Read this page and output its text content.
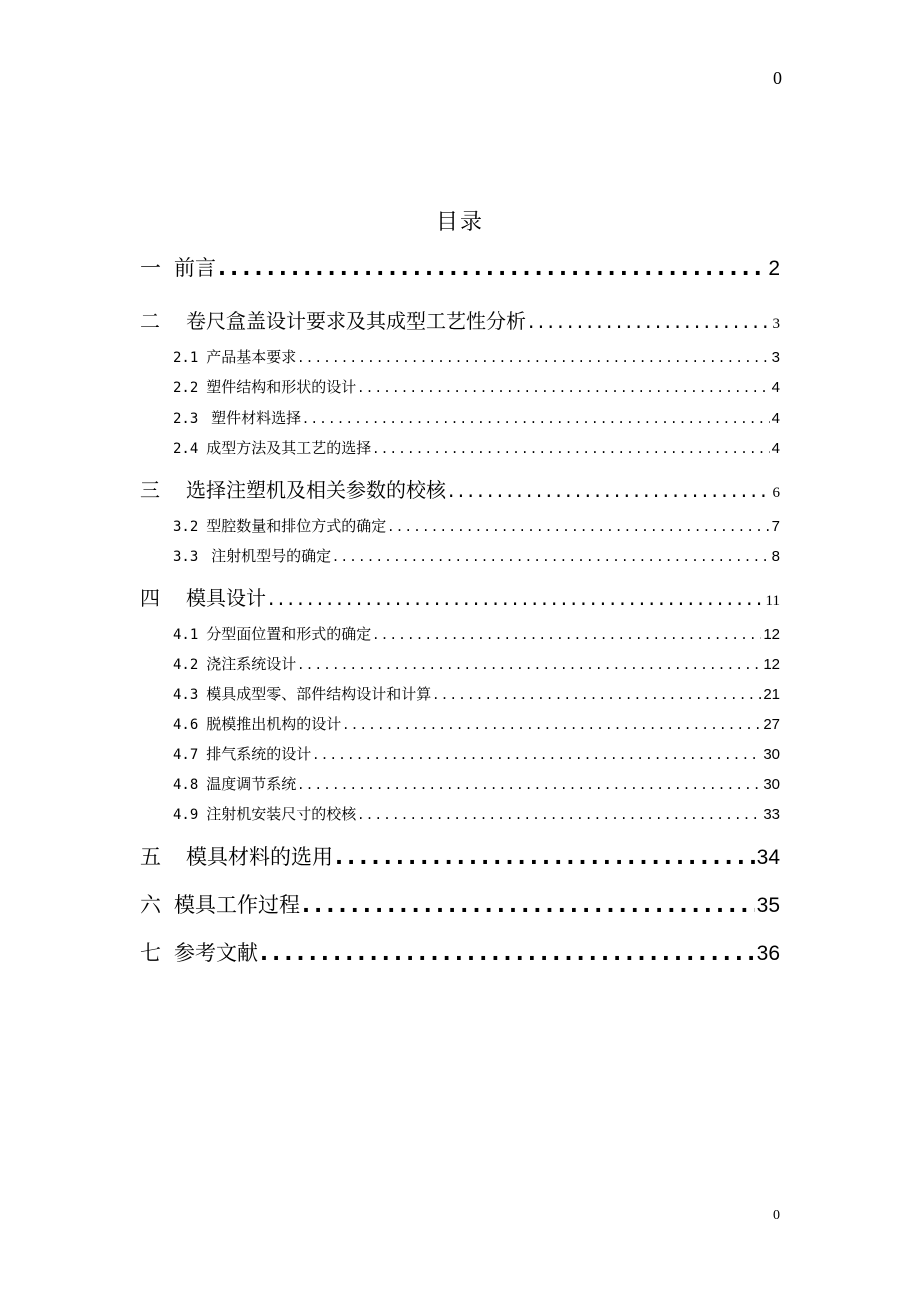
0
目录
一 前言 .....	2
二	卷尺盒盖设计要求及其成型工艺性分析 .....	3
2.1 产品基本要求 .....	3
2.2 塑件结构和形状的设计 .....	4
2.3 塑件材料选择 .....	4
2.4 成型方法及其工艺的选择 .....	4
三	选择注塑机及相关参数的校核 .....	6
3.2 型腔数量和排位方式的确定 .....	7
3.3 注射机型号的确定 .....	8
四	模具设计 .....	11
4.1 分型面位置和形式的确定 .....	12
4.2 浇注系统设计 .....	12
4.3 模具成型零、部件结构设计和计算 .....	21
4.6 脱模推出机构的设计 .....	27
4.7 排气系统的设计 .....	30
4.8 温度调节系统 .....	30
4.9 注射机安装尺寸的校核 .....	33
五	模具材料的选用 .....	34
六 模具工作过程 .....	35
七 参考文献 .....	36
0
